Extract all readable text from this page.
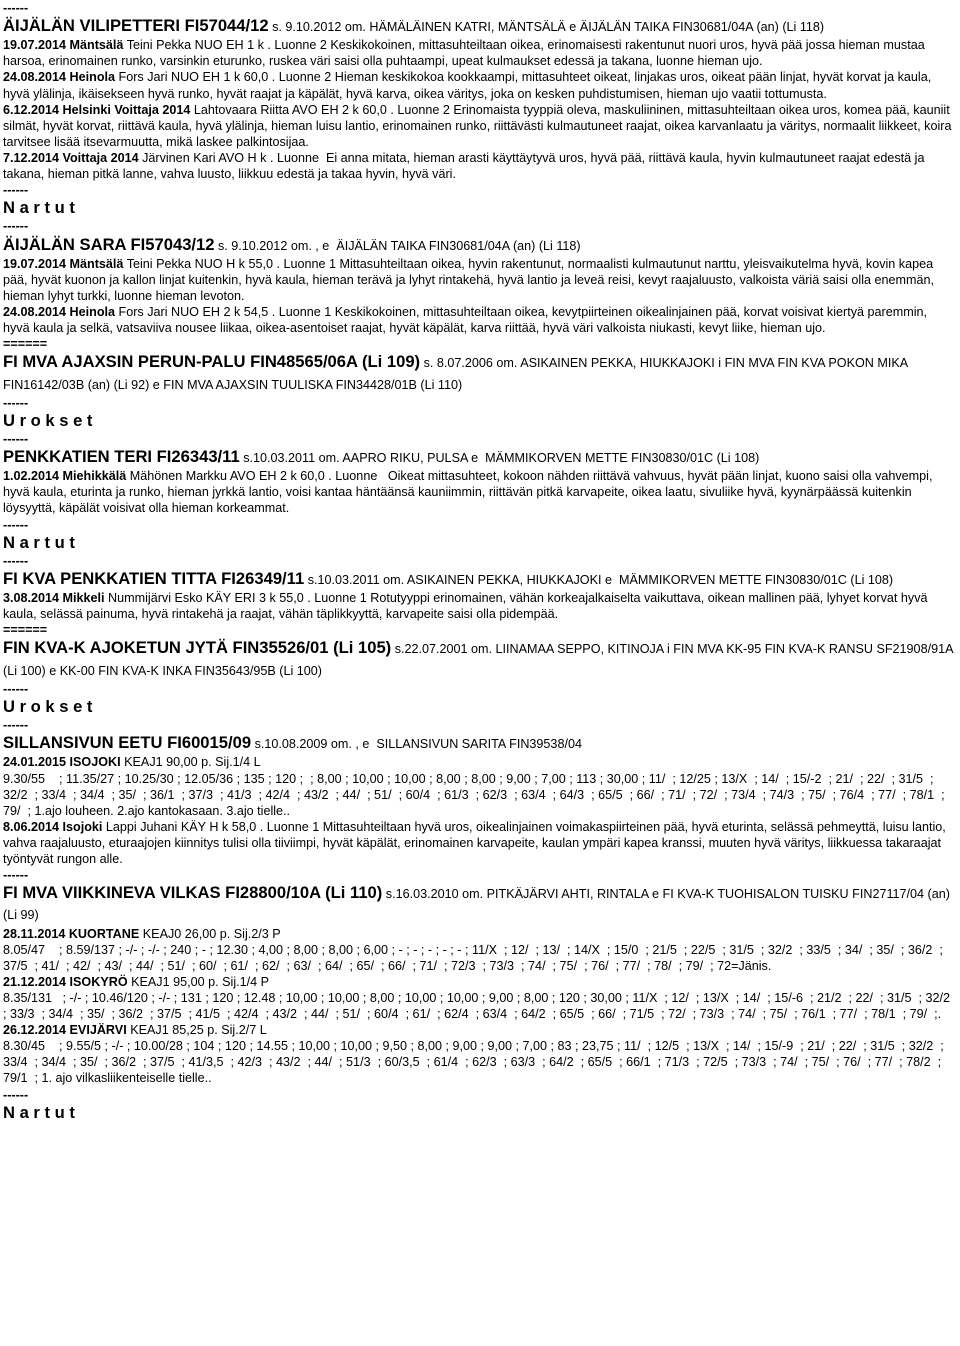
------
ÄIJÄLÄN VILIPETTERI FI57044/12 s. 9.10.2012 om. HÄMÄLÄINEN KATRI, MÄNTSÄLÄ e ÄIJÄLÄN TAIKA FIN30681/04A (an) (Li 118)
19.07.2014 Mäntsälä Teini Pekka NUO EH 1 k . Luonne 2 Keskikokoinen, mittasuhteiltaan oikea, erinomaisesti rakentunut nuori uros, hyvä pää jossa hieman mustaa harsoa, erinomainen runko, varsinkin eturunko, ruskea väri saisi olla puhtaampi, upeat kulmaukset edessä ja takana, luonne hieman ujo.
24.08.2014 Heinola Fors Jari NUO EH 1 k 60,0 . Luonne 2 Hieman keskikokoa kookkaampi, mittasuhteet oikeat, linjakas uros, oikeat pään linjat, hyvät korvat ja kaula, hyvä ylälinja, ikäisekseen hyvä runko, hyvät raajat ja käpälät, hyvä karva, oikea väritys, joka on kesken puhdistumisen, hieman ujo vaatii tottumusta.
6.12.2014 Helsinki Voittaja 2014 Lahtovaara Riitta AVO EH 2 k 60,0 . Luonne 2 Erinomaista tyyppiä oleva, maskuliininen, mittasuhteiltaan oikea uros, komea pää, kauniit silmät, hyvät korvat, riittävä kaula, hyvä ylälinja, hieman luisu lantio, erinomainen runko, riittävästi kulmautuneet raajat, oikea karvanlaatu ja väritys, normaalit liikkeet, koira tarvitsee lisää itsevarmuutta, mikä laskee palkintosijaa.
7.12.2014 Voittaja 2014 Järvinen Kari AVO H k . Luonne  Ei anna mitata, hieman arasti käyttäytyvä uros, hyvä pää, riittävä kaula, hyvin kulmautuneet raajat edestä ja takana, hieman pitkä lanne, vahva luusto, liikkuu edestä ja takaa hyvin, hyvä väri.
------
N a r t u t
------
ÄIJÄLÄN SARA FI57043/12 s. 9.10.2012 om. , e  ÄIJÄLÄN TAIKA FIN30681/04A (an) (Li 118)
19.07.2014 Mäntsälä Teini Pekka NUO H k 55,0 . Luonne 1 Mittasuhteiltaan oikea, hyvin rakentunut, normaalisti kulmautunut narttu, yleisvaikutelma hyvä, kovin kapea pää, hyvät kuonon ja kallon linjat kuitenkin, hyvä kaula, hieman terävä ja lyhyt rintakehä, hyvä lantio ja leveä reisi, kevyt raajaluusto, valkoista väriä saisi olla enemmän, hieman lyhyt turkki, luonne hieman levoton.
24.08.2014 Heinola Fors Jari NUO EH 2 k 54,5 . Luonne 1 Keskikokoinen, mittasuhteiltaan oikea, kevytpiirteinen oikealinjainen pää, korvat voisivat kiertyä paremmin, hyvä kaula ja selkä, vatsaviiva nousee liikaa, oikea-asentoiset raajat, hyvät käpälät, karva riittää, hyvä väri valkoista niukasti, kevyt liike, hieman ujo.
======
FI MVA AJAXSIN PERUN-PALU FIN48565/06A (Li 109) s. 8.07.2006 om. ASIKAINEN PEKKA, HIUKKAJOKI i FIN MVA FIN KVA POKON MIKA FIN16142/03B (an) (Li 92) e FIN MVA AJAXSIN TUULISKA FIN34428/01B (Li 110)
------
U r o k s e t
------
PENKKATIEN TERI FI26343/11 s.10.03.2011 om. AAPRO RIKU, PULSA e  MÄMMIKORVEN METTE FIN30830/01C (Li 108)
1.02.2014 Miehikkälä Mähönen Markku AVO EH 2 k 60,0 . Luonne   Oikeat mittasuhteet, kokoon nähden riittävä vahvuus, hyvät pään linjat, kuono saisi olla vahvempi, hyvä kaula, eturinta ja runko, hieman jyrkkä lantio, voisi kantaa häntäänsä kauniimmin, riittävän pitkä karvapeite, oikea laatu, sivuliike hyvä, kyynärpäässä kuitenkin löysyyttä, käpälät voisivat olla hieman korkeammat.
------
N a r t u t
------
FI KVA PENKKATIEN TITTA FI26349/11 s.10.03.2011 om. ASIKAINEN PEKKA, HIUKKAJOKI e  MÄMMIKORVEN METTE FIN30830/01C (Li 108)
3.08.2014 Mikkeli Nummijärvi Esko KÄY ERI 3 k 55,0 . Luonne 1 Rotutyyppi erinomainen, vähän korkeajalkaiselta vaikuttava, oikean mallinen pää, lyhyet korvat hyvä kaula, selässä painuma, hyvä rintakehä ja raajat, vähän täplikkyyttä, karvapeite saisi olla pidempää.
======
FIN KVA-K AJOKETUN JYTÄ FIN35526/01 (Li 105) s.22.07.2001 om. LIINAMAA SEPPO, KITINOJA i FIN MVA KK-95 FIN KVA-K RANSU SF21908/91A (Li 100) e KK-00 FIN KVA-K INKA FIN35643/95B (Li 100)
------
U r o k s e t
------
SILLANSIVUN EETU FI60015/09 s.10.08.2009 om. , e  SILLANSIVUN SARITA FIN39538/04
24.01.2015 ISOJOKI KEAJ1 90,00 p. Sij.1/4 L
9.30/55    ; 11.35/27 ; 10.25/30 ; 12.05/36 ; 135 ; 120 ;  ; 8,00 ; 10,00 ; 10,00 ; 8,00 ; 8,00 ; 9,00 ; 7,00 ; 113 ; 30,00 ; 11/  ; 12/25 ; 13/X  ; 14/  ; 15/-2  ; 21/  ; 22/  ; 31/5  ; 32/2  ; 33/4  ; 34/4  ; 35/  ; 36/1  ; 37/3  ; 41/3  ; 42/4  ; 43/2  ; 44/  ; 51/  ; 60/4  ; 61/3  ; 62/3  ; 63/4  ; 64/3  ; 65/5  ; 66/  ; 71/  ; 72/  ; 73/4  ; 74/3  ; 75/  ; 76/4  ; 77/  ; 78/1  ; 79/  ; 1.ajo louheen. 2.ajo kantokasaan. 3.ajo tielle..
8.06.2014 Isojoki Lappi Juhani KÄY H k 58,0 . Luonne 1 Mittasuhteiltaan hyvä uros, oikealinjainen voimakaspiirteinen pää, hyvä eturinta, selässä pehmeyttä, luisu lantio, vahva raajaluusto, eturaajojen kiinnitys tulisi olla tiiviimpi, hyvät käpälät, erinomainen karvapeite, kaulan ympäri kapea kranssi, muuten hyvä väritys, liikkuessa takaraajat työntyvät rungon alle.
------
FI MVA VIIKKINEVA VILKAS FI28800/10A (Li 110) s.16.03.2010 om. PITKÄJÄRVI AHTI, RINTALA e FI KVA-K TUOHISALON TUISKU FIN27117/04 (an) (Li 99)
28.11.2014 KUORTANE KEAJ0 26,00 p. Sij.2/3 P
8.05/47    ; 8.59/137 ; -/- ; -/- ; 240 ; - ; 12.30 ; 4,00 ; 8,00 ; 8,00 ; 6,00 ; - ; - ; - ; - ; - ; 11/X  ; 12/  ; 13/  ; 14/X  ; 15/0  ; 21/5  ; 22/5  ; 31/5  ; 32/2  ; 33/5  ; 34/  ; 35/  ; 36/2  ; 37/5  ; 41/  ; 42/  ; 43/  ; 44/  ; 51/  ; 60/  ; 61/  ; 62/  ; 63/  ; 64/  ; 65/  ; 66/  ; 71/  ; 72/3  ; 73/3  ; 74/  ; 75/  ; 76/  ; 77/  ; 78/  ; 79/  ; 72=Jänis.
21.12.2014 ISOKYRÖ KEAJ1 95,00 p. Sij.1/4 P
8.35/131   ; -/- ; 10.46/120 ; -/- ; 131 ; 120 ; 12.48 ; 10,00 ; 10,00 ; 8,00 ; 10,00 ; 10,00 ; 9,00 ; 8,00 ; 120 ; 30,00 ; 11/X  ; 12/  ; 13/X  ; 14/  ; 15/-6  ; 21/2  ; 22/  ; 31/5  ; 32/2  ; 33/3  ; 34/4  ; 35/  ; 36/2  ; 37/5  ; 41/5  ; 42/4  ; 43/2  ; 44/  ; 51/  ; 60/4  ; 61/  ; 62/4  ; 63/4  ; 64/2  ; 65/5  ; 66/  ; 71/5  ; 72/  ; 73/3  ; 74/  ; 75/  ; 76/1  ; 77/  ; 78/1  ; 79/  ;.
26.12.2014 EVIJÄRVI KEAJ1 85,25 p. Sij.2/7 L
8.30/45    ; 9.55/5 ; -/- ; 10.00/28 ; 104 ; 120 ; 14.55 ; 10,00 ; 10,00 ; 9,50 ; 8,00 ; 9,00 ; 9,00 ; 7,00 ; 83 ; 23,75 ; 11/  ; 12/5  ; 13/X  ; 14/  ; 15/-9  ; 21/  ; 22/  ; 31/5  ; 32/2  ; 33/4  ; 34/4  ; 35/  ; 36/2  ; 37/5  ; 41/3,5  ; 42/3  ; 43/2  ; 44/  ; 51/3  ; 60/3,5  ; 61/4  ; 62/3  ; 63/3  ; 64/2  ; 65/5  ; 66/1  ; 71/3  ; 72/5  ; 73/3  ; 74/  ; 75/  ; 76/  ; 77/  ; 78/2  ; 79/1  ; 1. ajo vilkasliikenteiselle tielle..
------
N a r t u t
